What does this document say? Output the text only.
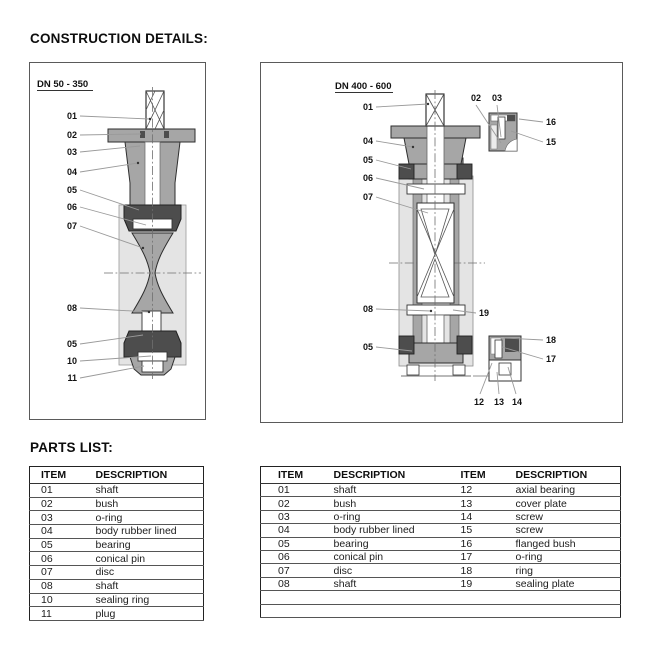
CONSTRUCTION DETAILS:
DN 50 - 350
01
02
03
04
05
06
07
08
05
10
11
DN 400 - 600
01
04
05
06
07
08
05
02 03
16
15
19
18
17
12 13 14
PARTS LIST:
ITEM	DESCRIPTION
01	shaft
02	bush
03	o-ring
04	body rubber lined
05	bearing
06	conical pin
07	disc
08	shaft
10	sealing ring
11	plug
ITEM	DESCRIPTION	ITEM	DESCRIPTION
01	shaft	12	axial bearing
02	bush	13	cover plate
03	o-ring	14	screw
04	body rubber lined	15	screw
05	bearing	16	flanged bush
06	conical pin	17	o-ring
07	disc	18	ring
08	shaft	19	sealing plate
